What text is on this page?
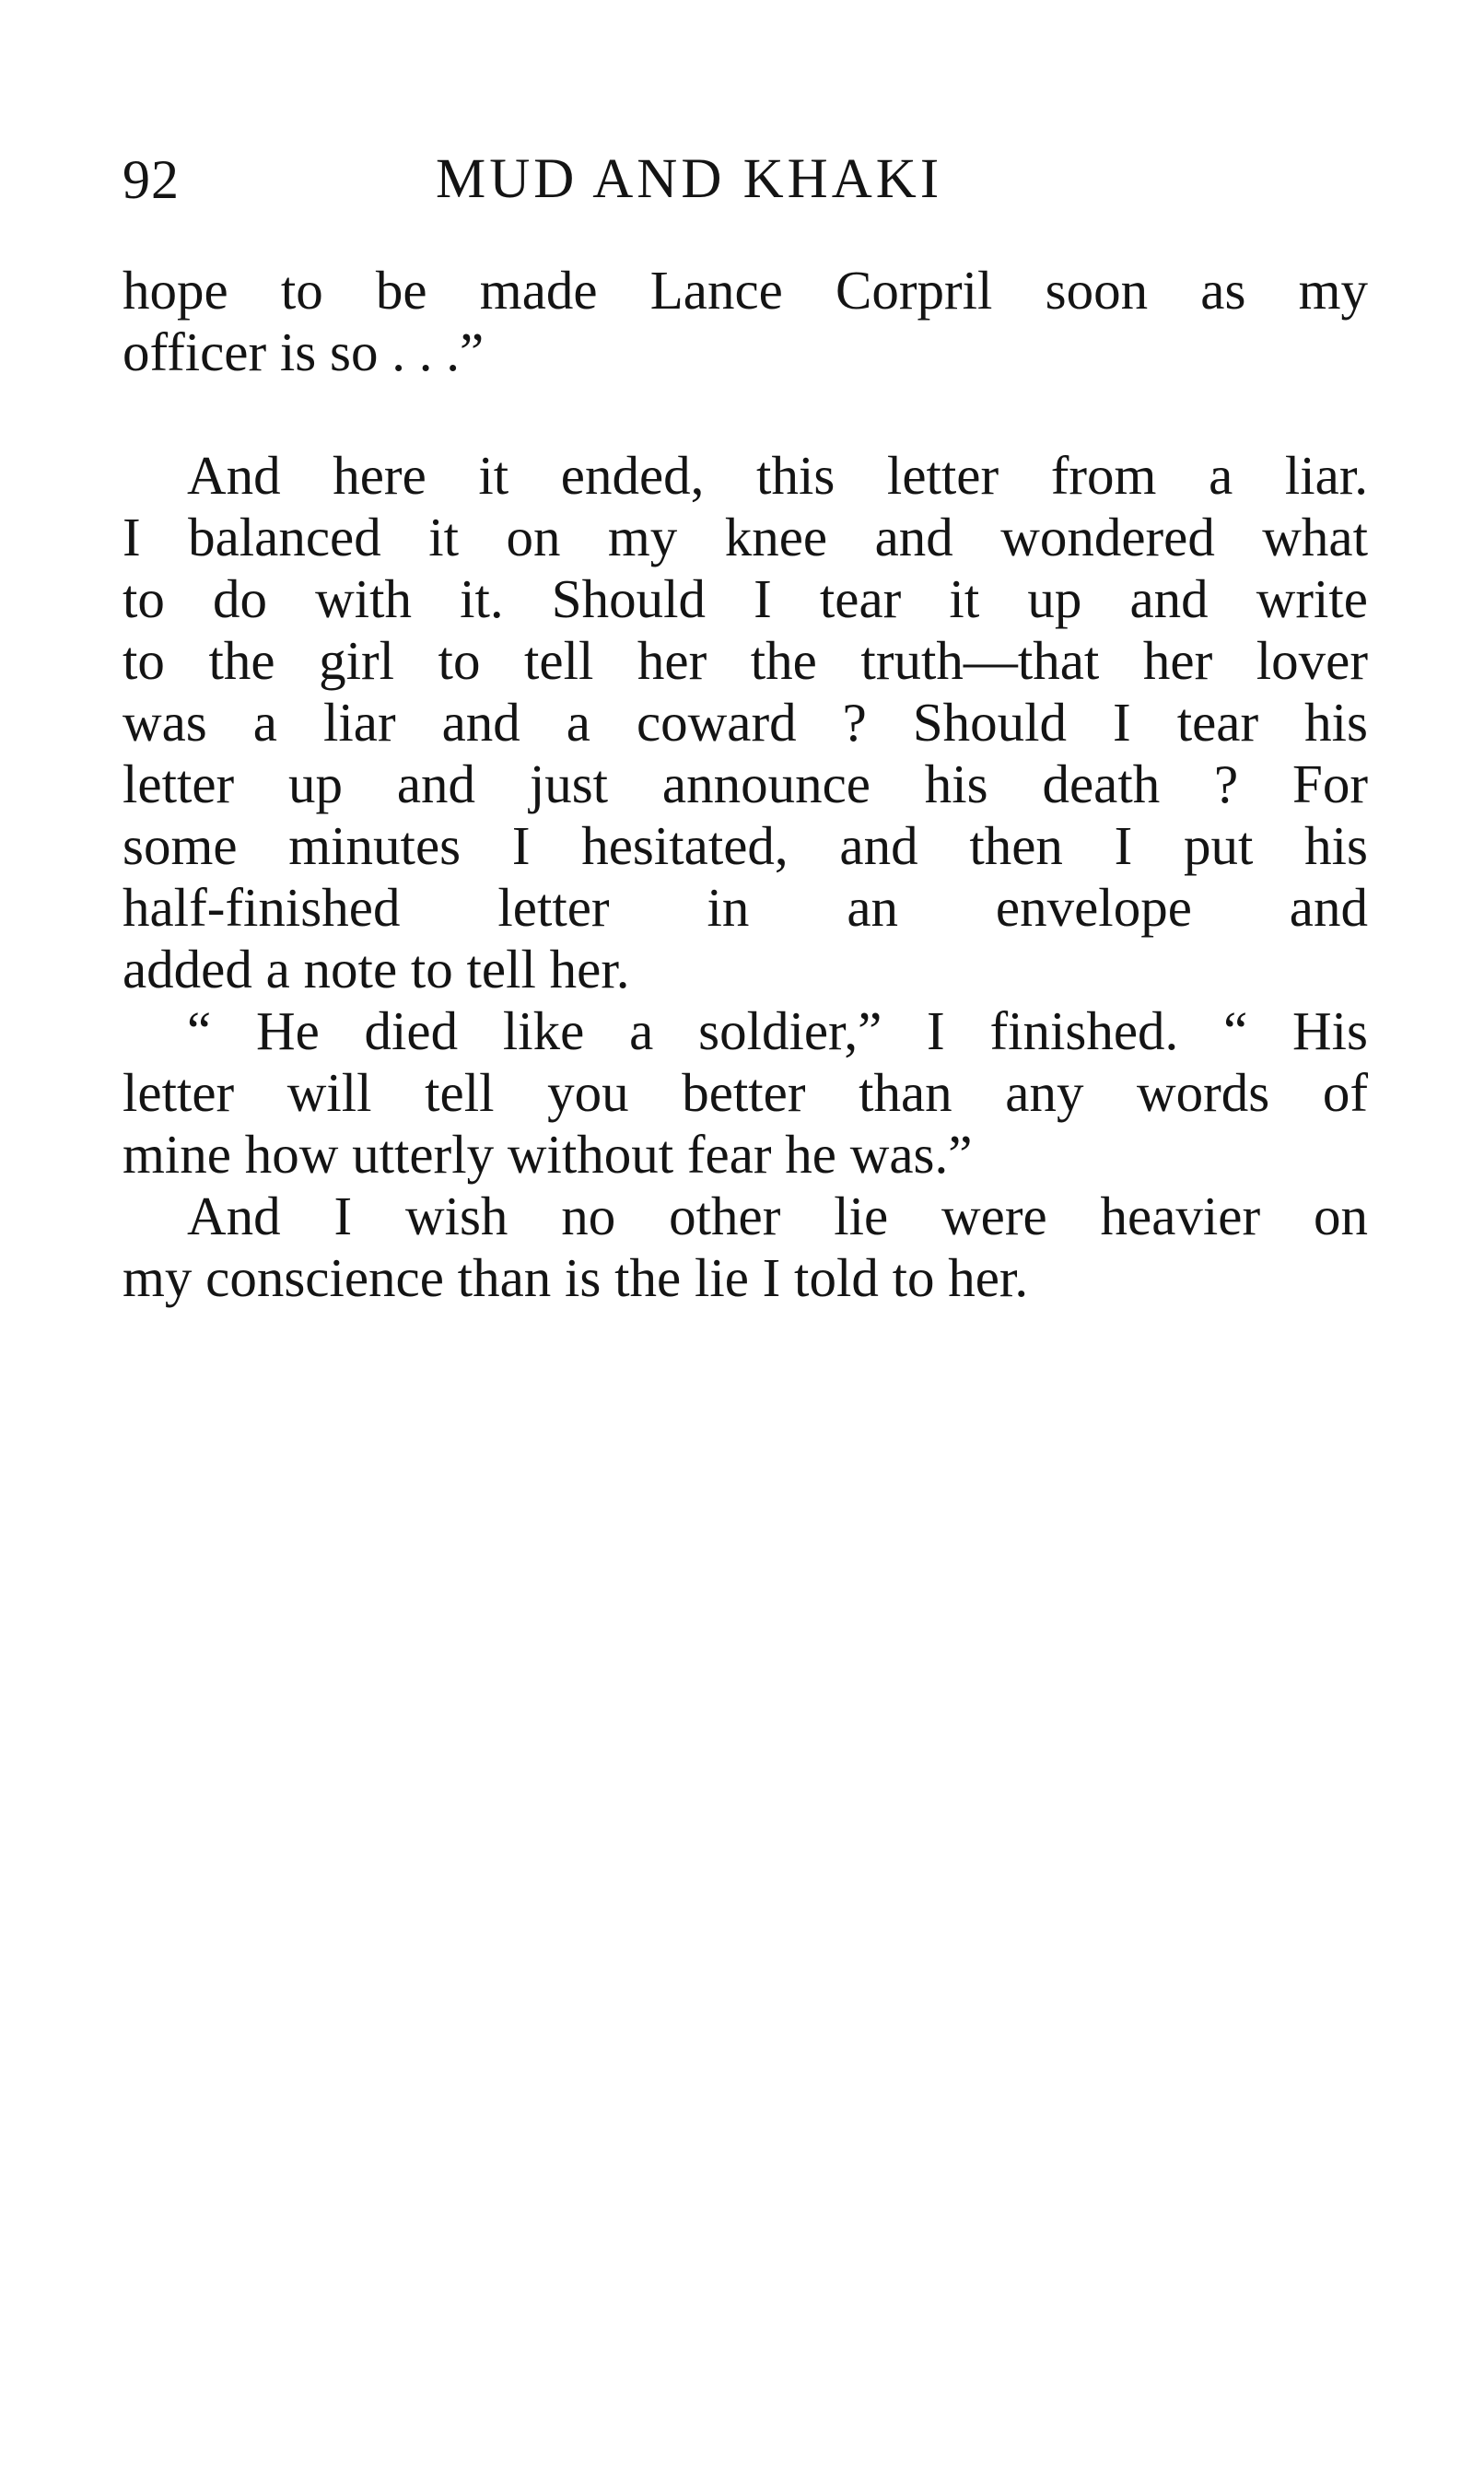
92	MUD AND KHAKI
hope to be made Lance Corpril soon as my
officer is so . . .”
And here it ended, this letter from a liar.
I balanced it on my knee and wondered what
to do with it. Should I tear it up and write
to the girl to tell her the truth—that her lover
was a liar and a coward ? Should I tear his
letter up and just announce his death ? For
some minutes I hesitated, and then I put his
half-finished letter in an envelope and
added a note to tell her.
“ He died like a soldier,” I finished. “ His
letter will tell you better than any words of
mine how utterly without fear he was.”
And I wish no other lie were heavier on
my conscience than is the lie I told to her.
